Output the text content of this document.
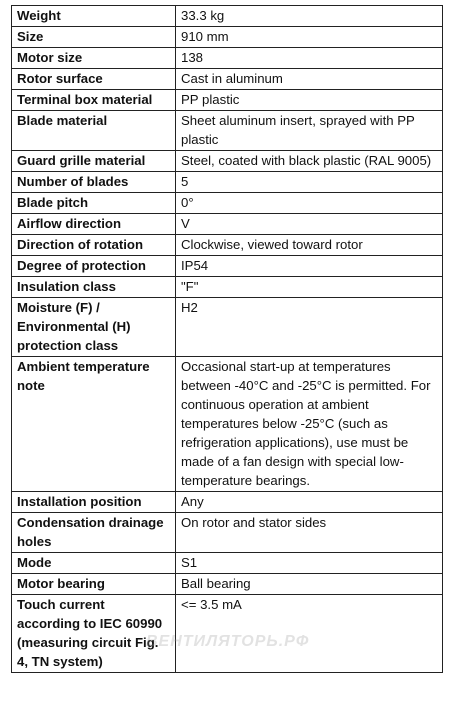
Weight	33.3 kg
Size	910 mm
Motor size	138
Rotor surface	Cast in aluminum
Terminal box material	PP plastic
Blade material	Sheet aluminum insert, sprayed with PP plastic
Guard grille material	Steel, coated with black plastic (RAL 9005)
Number of blades	5
Blade pitch	0°
Airflow direction	V
Direction of rotation	Clockwise, viewed toward rotor
Degree of protection	IP54
Insulation class	"F"
Moisture (F) / Environmental (H) protection class	H2
Ambient temperature note	Occasional start-up at temperatures between -40°C and -25°C is permitted. For continuous operation at ambient temperatures below -25°C (such as refrigeration applications), use must be made of a fan design with special low-temperature bearings.
Installation position	Any
Condensation drainage holes	On rotor and stator sides
Mode	S1
Motor bearing	Ball bearing
Touch current according to IEC 60990 (measuring circuit Fig. 4, TN system)	<= 3.5 mA
ВЕНТИЛЯТОРЬ.РФ
